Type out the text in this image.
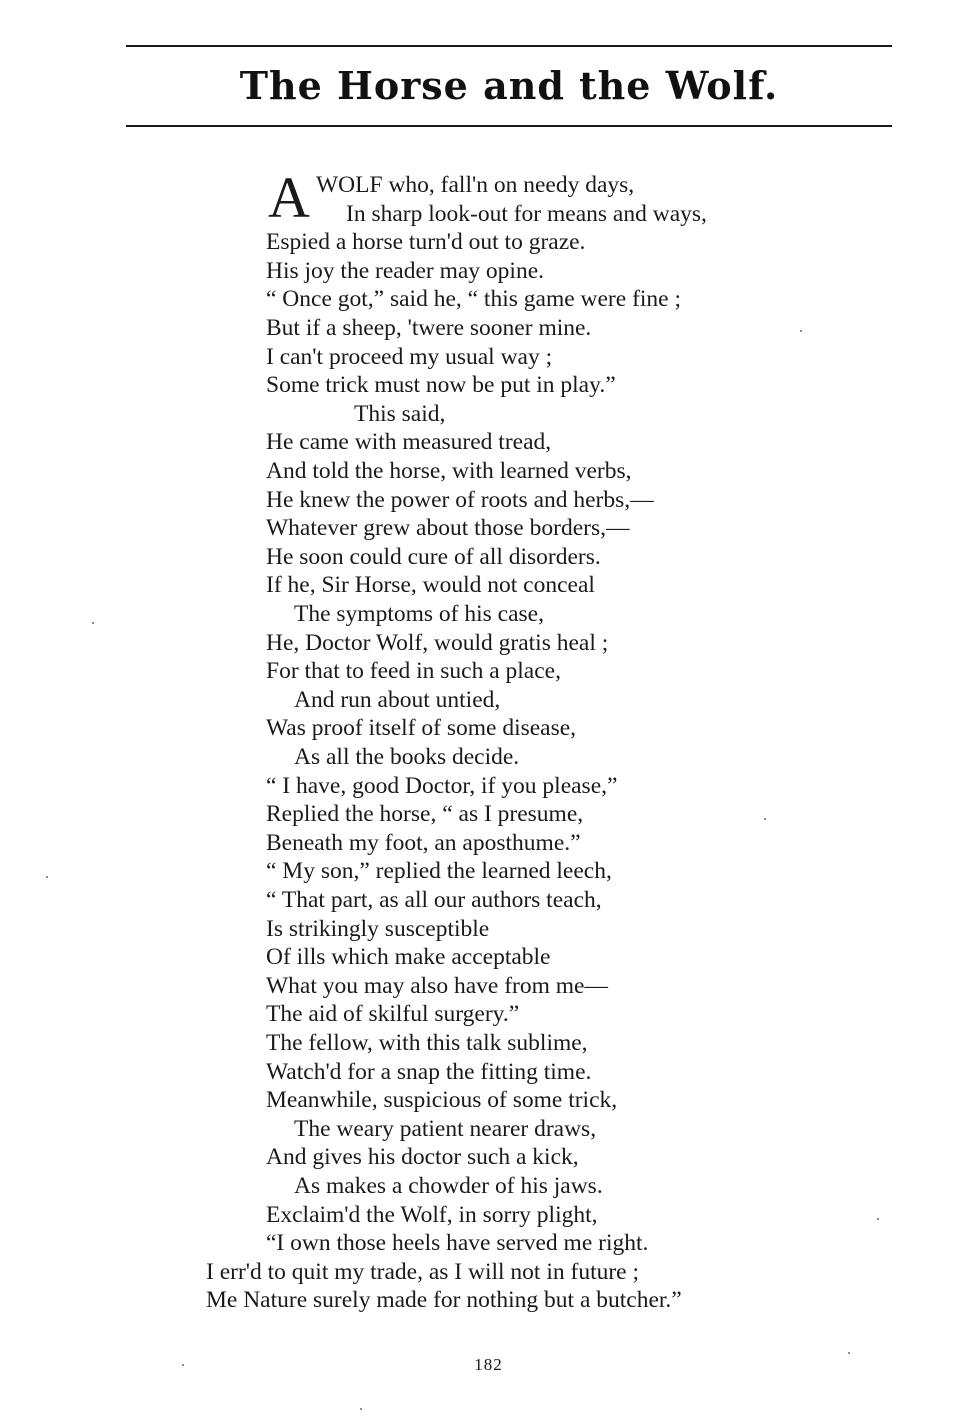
The Horse and the Wolf.
A WOLF who, fall'n on needy days,
In sharp look-out for means and ways,
Espied a horse turn'd out to graze.
His joy the reader may opine.
“ Once got,” said he, “ this game were fine ;
But if a sheep, 'twere sooner mine.
I can't proceed my usual way ;
Some trick must now be put in play.”
This said,
He came with measured tread,
And told the horse, with learned verbs,
He knew the power of roots and herbs,—
Whatever grew about those borders,—
He soon could cure of all disorders.
If he, Sir Horse, would not conceal
The symptoms of his case,
He, Doctor Wolf, would gratis heal ;
For that to feed in such a place,
And run about untied,
Was proof itself of some disease,
As all the books decide.
“ I have, good Doctor, if you please,”
Replied the horse, “ as I presume,
Beneath my foot, an aposthume.”
“ My son,” replied the learned leech,
“ That part, as all our authors teach,
Is strikingly susceptible
Of ills which make acceptable
What you may also have from me—
The aid of skilful surgery.”
The fellow, with this talk sublime,
Watch'd for a snap the fitting time.
Meanwhile, suspicious of some trick,
The weary patient nearer draws,
And gives his doctor such a kick,
As makes a chowder of his jaws.
Exclaim'd the Wolf, in sorry plight,
“I own those heels have served me right.
I err'd to quit my trade, as I will not in future ;
Me Nature surely made for nothing but a butcher.”
182
